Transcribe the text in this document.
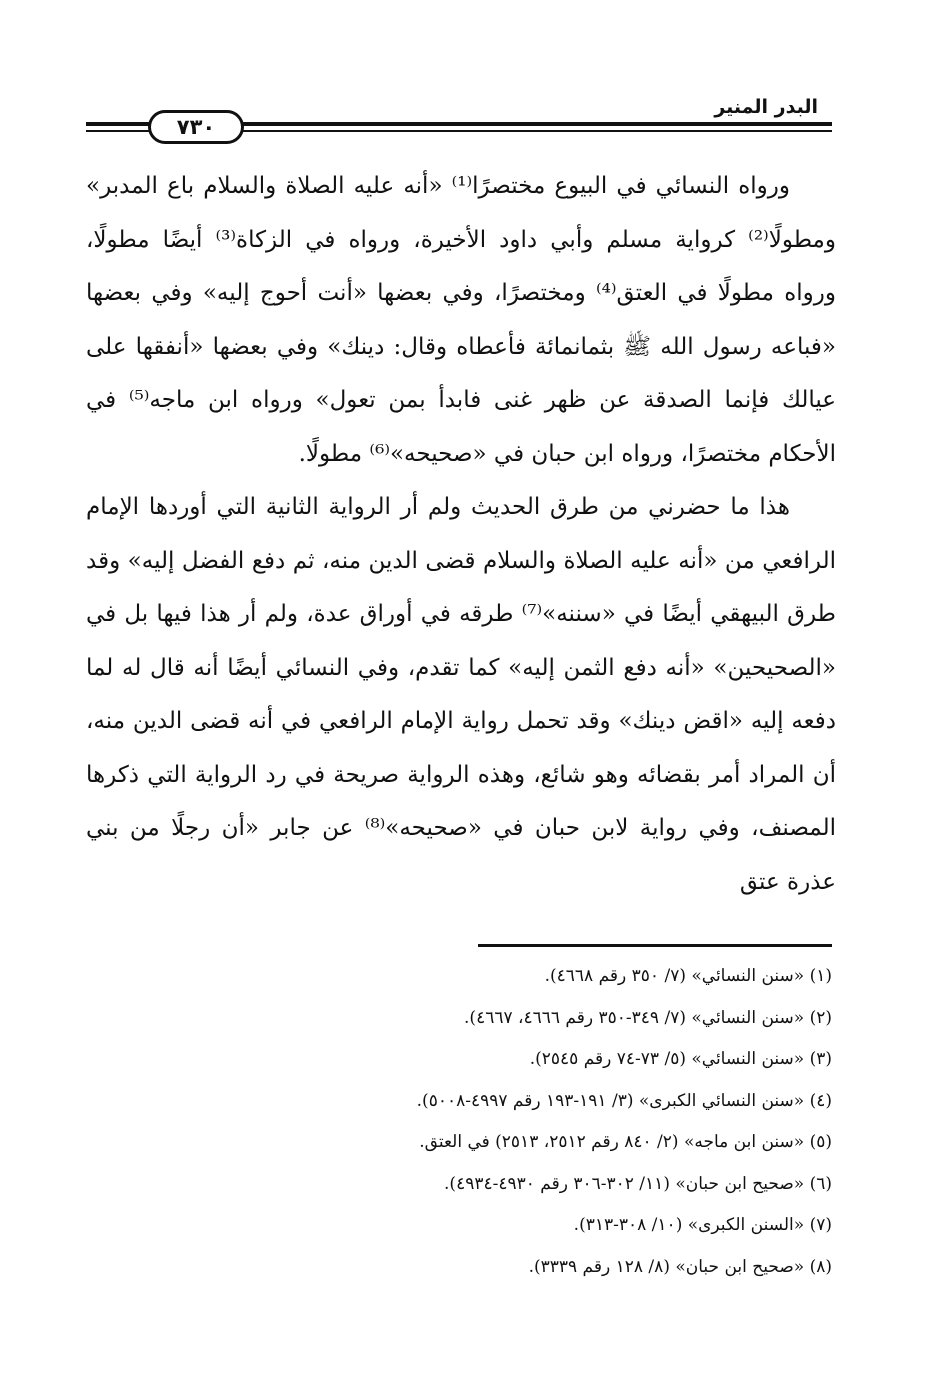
البدر المنير
٧٣٠

ورواه النسائي في البيوع مختصرًا⁽¹⁾ «أنه عليه الصلاة والسلام باع المدبر» ومطولًا⁽²⁾ كرواية مسلم وأبي داود الأخيرة، ورواه في الزكاة⁽³⁾ أيضًا مطولًا، ورواه مطولًا في العتق⁽⁴⁾ ومختصرًا، وفي بعضها «أنت أحوج إليه» وفي بعضها «فباعه رسول الله ﷺ بثمانمائة فأعطاه وقال: دينك» وفي بعضها «أنفقها على عيالك فإنما الصدقة عن ظهر غنى فابدأ بمن تعول» ورواه ابن ماجه⁽⁵⁾ في الأحكام مختصرًا، ورواه ابن حبان في «صحيحه»⁽⁶⁾ مطولًا.

هذا ما حضرني من طرق الحديث ولم أر الرواية الثانية التي أوردها الإمام الرافعي من «أنه عليه الصلاة والسلام قضى الدين منه، ثم دفع الفضل إليه» وقد طرق البيهقي أيضًا في «سننه»⁽⁷⁾ طرقه في أوراق عدة، ولم أر هذا فيها بل في «الصحيحين» «أنه دفع الثمن إليه» كما تقدم، وفي النسائي أيضًا أنه قال له لما دفعه إليه «اقض دينك» وقد تحمل رواية الإمام الرافعي في أنه قضى الدين منه، أن المراد أمر بقضائه وهو شائع، وهذه الرواية صريحة في رد الرواية التي ذكرها المصنف، وفي رواية لابن حبان في «صحيحه»⁽⁸⁾ عن جابر «أن رجلًا من بني عذرة عتق

(١) «سنن النسائي» (٧/ ٣٥٠ رقم ٤٦٦٨).
(٢) «سنن النسائي» (٧/ ٣٤٩-٣٥٠ رقم ٤٦٦٦، ٤٦٦٧).
(٣) «سنن النسائي» (٥/ ٧٣-٧٤ رقم ٢٥٤٥).
(٤) «سنن النسائي الكبرى» (٣/ ١٩١-١٩٣ رقم ٤٩٩٧-٥٠٠٨).
(٥) «سنن ابن ماجه» (٢/ ٨٤٠ رقم ٢٥١٢، ٢٥١٣) في العتق.
(٦) «صحيح ابن حبان» (١١/ ٣٠٢-٣٠٦ رقم ٤٩٣٠-٤٩٣٤).
(٧) «السنن الكبرى» (١٠/ ٣٠٨-٣١٣).
(٨) «صحيح ابن حبان» (٨/ ١٢٨ رقم ٣٣٣٩).
